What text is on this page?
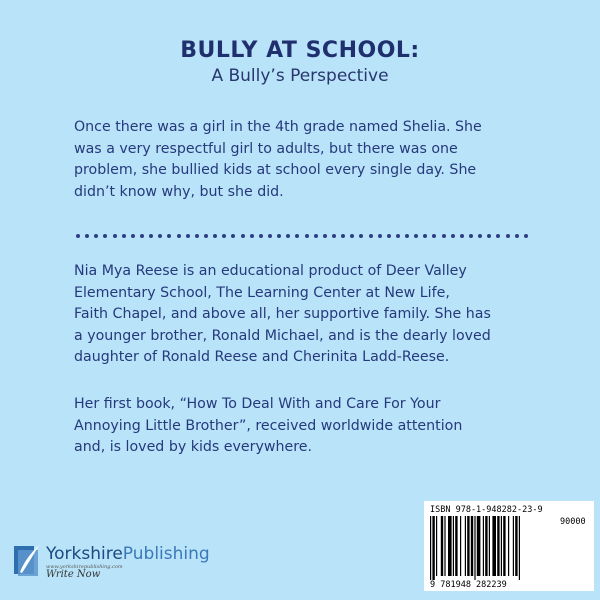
BULLY AT SCHOOL:
A Bully’s Perspective
Once there was a girl in the 4th grade named Shelia. She
was a very respectful girl to adults, but there was one
problem, she bullied kids at school every single day. She
didn’t know why, but she did.
Nia Mya Reese is an educational product of Deer Valley
Elementary School, The Learning Center at New Life,
Faith Chapel, and above all, her supportive family. She has
a younger brother, Ronald Michael, and is the dearly loved
daughter of Ronald Reese and Cherinita Ladd-Reese.
Her first book, “How To Deal With and Care For Your
Annoying Little Brother”, received worldwide attention
and, is loved by kids everywhere.
YorkshirePublishing
www.yorkshirepublishing.com
Write Now
ISBN 978-1-948282-23-9
90000
9 781948 282239
